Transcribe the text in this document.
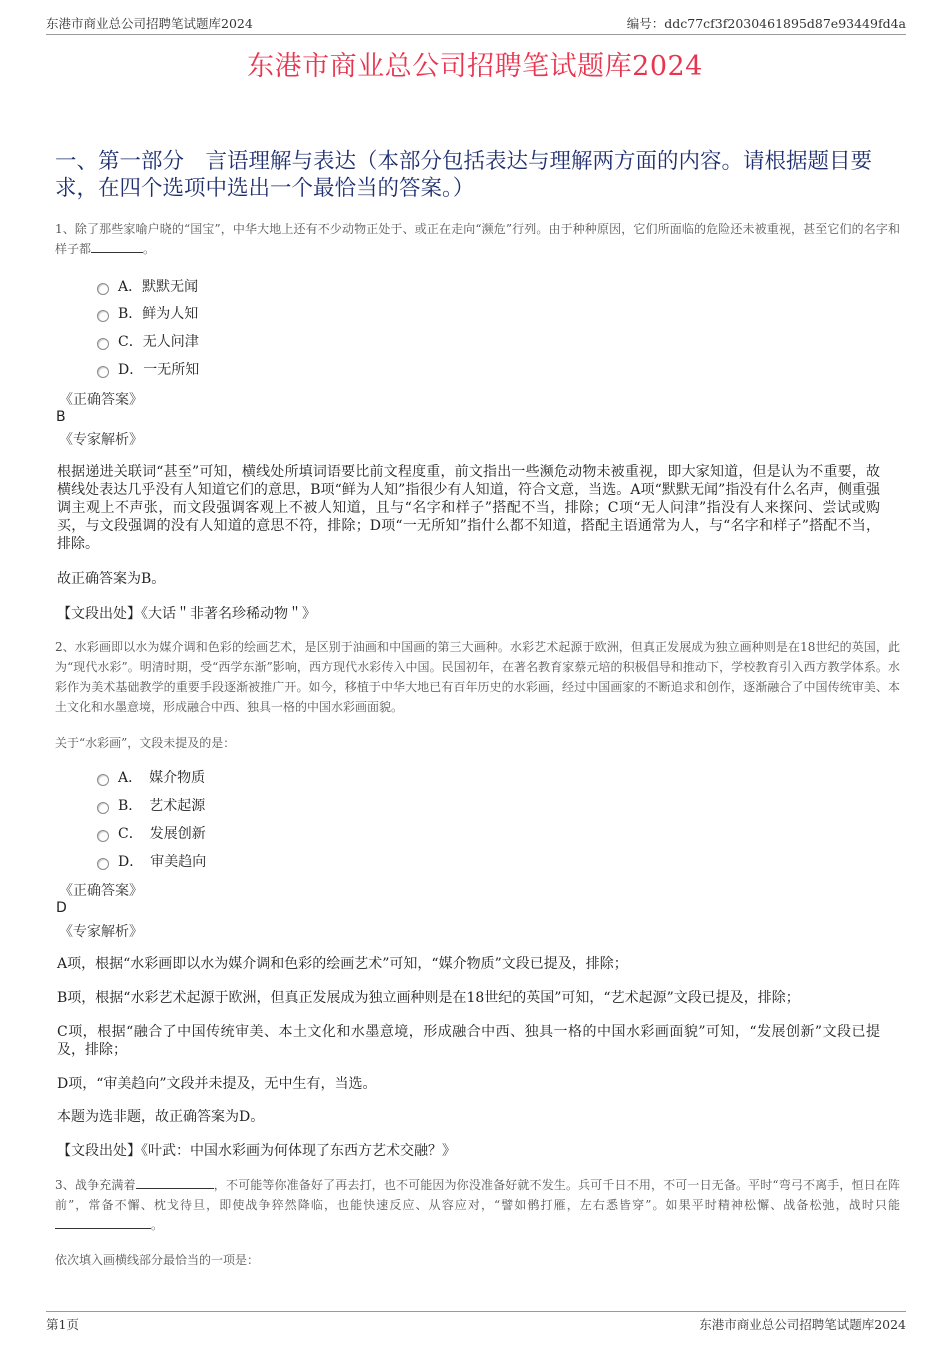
东港市商业总公司招聘笔试题库2024	编号：ddc77cf3f2030461895d87e93449fd4a
东港市商业总公司招聘笔试题库2024
一、第一部分　言语理解与表达（本部分包括表达与理解两方面的内容。请根据题目要求，在四个选项中选出一个最恰当的答案。）
1、除了那些家喻户晓的“国宝”，中华大地上还有不少动物正处于、或正在走向“濒危”行列。由于种种原因，它们所面临的危险还未被重视，甚至它们的名字和样子都	。
A．默默无闻
B．鲜为人知
C．无人问津
D．一无所知
《正确答案》
B
《专家解析》
根据递进关联词“甚至”可知，横线处所填词语要比前文程度重，前文指出一些濒危动物未被重视，即大家知道，但是认为不重要，故横线处表达几乎没有人知道它们的意思，B项“鲜为人知”指很少有人知道，符合文意，当选。A项“默默无闻”指没有什么名声，侧重强调主观上不声张，而文段强调客观上不被人知道，且与“名字和样子”搭配不当，排除；C项“无人问津”指没有人来探问、尝试或购买，与文段强调的没有人知道的意思不符，排除；D项“一无所知”指什么都不知道，搭配主语通常为人，与“名字和样子”搭配不当，排除。
故正确答案为B。
【文段出处】《大话＂非著名珍稀动物＂》
2、水彩画即以水为媒介调和色彩的绘画艺术，是区别于油画和中国画的第三大画种。水彩艺术起源于欧洲，但真正发展成为独立画种则是在18世纪的英国，此为“现代水彩”。明清时期，受“西学东渐”影响，西方现代水彩传入中国。民国初年，在著名教育家蔡元培的积极倡导和推动下，学校教育引入西方教学体系。水彩作为美术基础教学的重要手段逐渐被推广开。如今，移植于中华大地已有百年历史的水彩画，经过中国画家的不断追求和创作，逐渐融合了中国传统审美、本土文化和水墨意境，形成融合中西、独具一格的中国水彩画面貌。
关于“水彩画”，文段未提及的是：
A．　媒介物质
B．　艺术起源
C．　发展创新
D．　审美趋向
《正确答案》
D
《专家解析》
A项，根据“水彩画即以水为媒介调和色彩的绘画艺术”可知，“媒介物质”文段已提及，排除；
B项，根据“水彩艺术起源于欧洲，但真正发展成为独立画种则是在18世纪的英国”可知，“艺术起源”文段已提及，排除；
C项，根据“融合了中国传统审美、本土文化和水墨意境，形成融合中西、独具一格的中国水彩画面貌”可知，“发展创新”文段已提及，排除；
D项，“审美趋向”文段并未提及，无中生有，当选。
本题为选非题，故正确答案为D。
【文段出处】《叶武：中国水彩画为何体现了东西方艺术交融？》
3、战争充满着	，不可能等你准备好了再去打，也不可能因为你没准备好就不发生。兵可千日不用，不可一日无备。平时“弯弓不离手，恒日在阵前”，常备不懈、枕戈待旦，即使战争猝然降临，也能快速反应、从容应对，“譬如鹘打雁，左右悉皆穿”。如果平时精神松懈、战备松弛，战时只能。
依次填入画横线部分最恰当的一项是：
第1页	东港市商业总公司招聘笔试题库2024
